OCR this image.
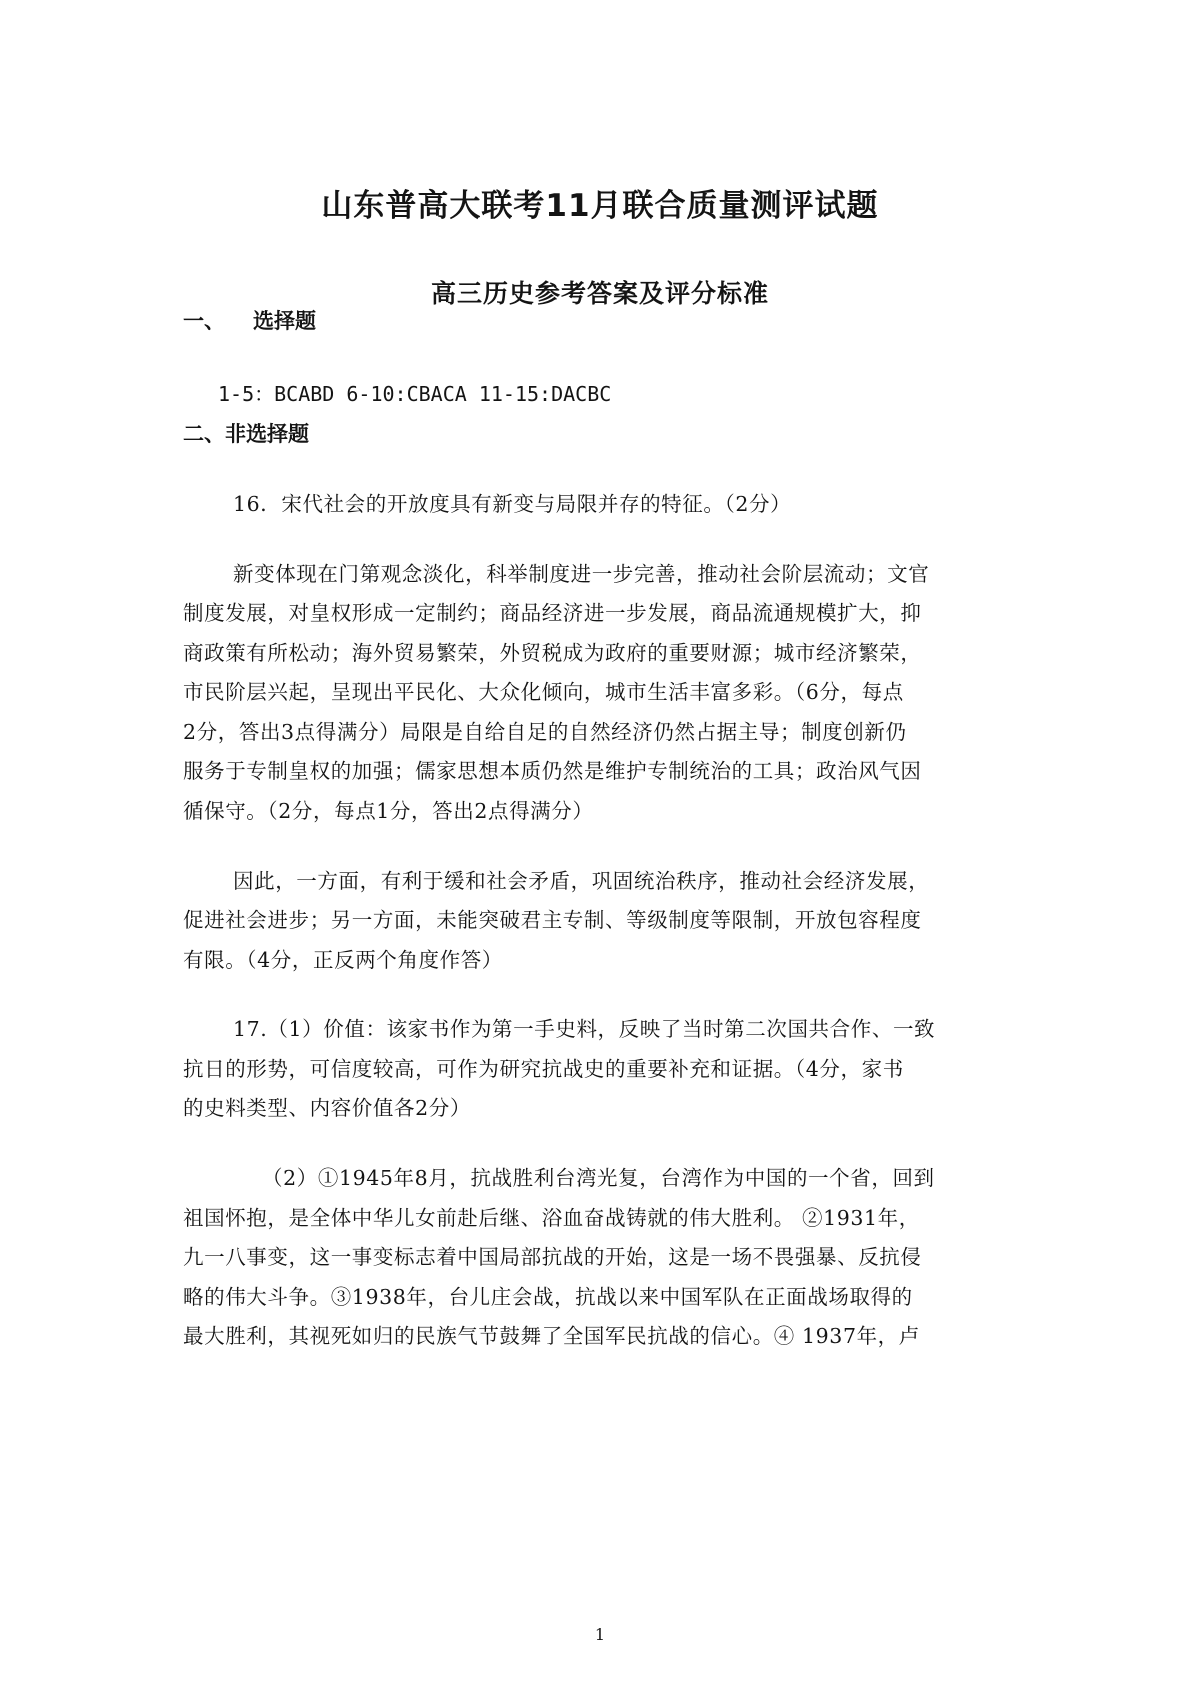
山东普高大联考11月联合质量测评试题
高三历史参考答案及评分标准
一、 选择题
1-5：BCABD 6-10:CBACA 11-15:DACBC
二、非选择题
16．宋代社会的开放度具有新变与局限并存的特征。（2分）
新变体现在门第观念淡化，科举制度进一步完善，推动社会阶层流动；文官
制度发展，对皇权形成一定制约；商品经济进一步发展，商品流通规模扩大，抑
商政策有所松动；海外贸易繁荣，外贸税成为政府的重要财源；城市经济繁荣，
市民阶层兴起，呈现出平民化、大众化倾向，城市生活丰富多彩。（6分，每点
2分，答出3点得满分）局限是自给自足的自然经济仍然占据主导；制度创新仍
服务于专制皇权的加强；儒家思想本质仍然是维护专制统治的工具；政治风气因
循保守。（2分，每点1分，答出2点得满分）
因此，一方面，有利于缓和社会矛盾，巩固统治秩序，推动社会经济发展，
促进社会进步；另一方面，未能突破君主专制、等级制度等限制，开放包容程度
有限。（4分，正反两个角度作答）
17.（1）价值：该家书作为第一手史料，反映了当时第二次国共合作、一致
抗日的形势，可信度较高，可作为研究抗战史的重要补充和证据。（4分，家书
的史料类型、内容价值各2分）
（2）①1945年8月，抗战胜利台湾光复，台湾作为中国的一个省，回到
祖国怀抱，是全体中华儿女前赴后继、浴血奋战铸就的伟大胜利。 ②1931年，
九一八事变，这一事变标志着中国局部抗战的开始，这是一场不畏强暴、反抗侵
略的伟大斗争。③1938年，台儿庄会战，抗战以来中国军队在正面战场取得的
最大胜利，其视死如归的民族气节鼓舞了全国军民抗战的信心。④ 1937年，卢
1
